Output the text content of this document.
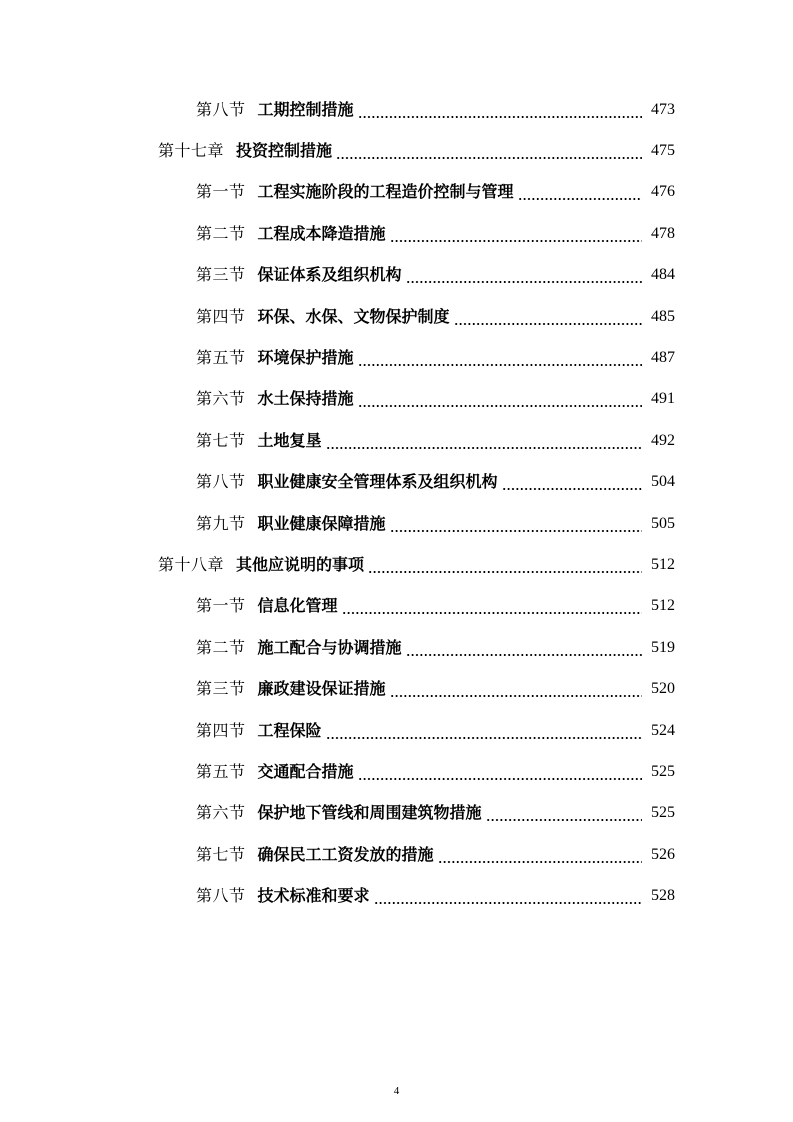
第八节 工期控制措施	473
第十七章 投资控制措施	475
第一节 工程实施阶段的工程造价控制与管理	476
第二节 工程成本降造措施	478
第三节 保证体系及组织机构	484
第四节 环保、水保、文物保护制度	485
第五节 环境保护措施	487
第六节 水土保持措施	491
第七节 土地复垦	492
第八节 职业健康安全管理体系及组织机构	504
第九节 职业健康保障措施	505
第十八章 其他应说明的事项	512
第一节 信息化管理	512
第二节 施工配合与协调措施	519
第三节 廉政建设保证措施	520
第四节 工程保险	524
第五节 交通配合措施	525
第六节 保护地下管线和周围建筑物措施	525
第七节 确保民工工资发放的措施	526
第八节 技术标准和要求	528
4
